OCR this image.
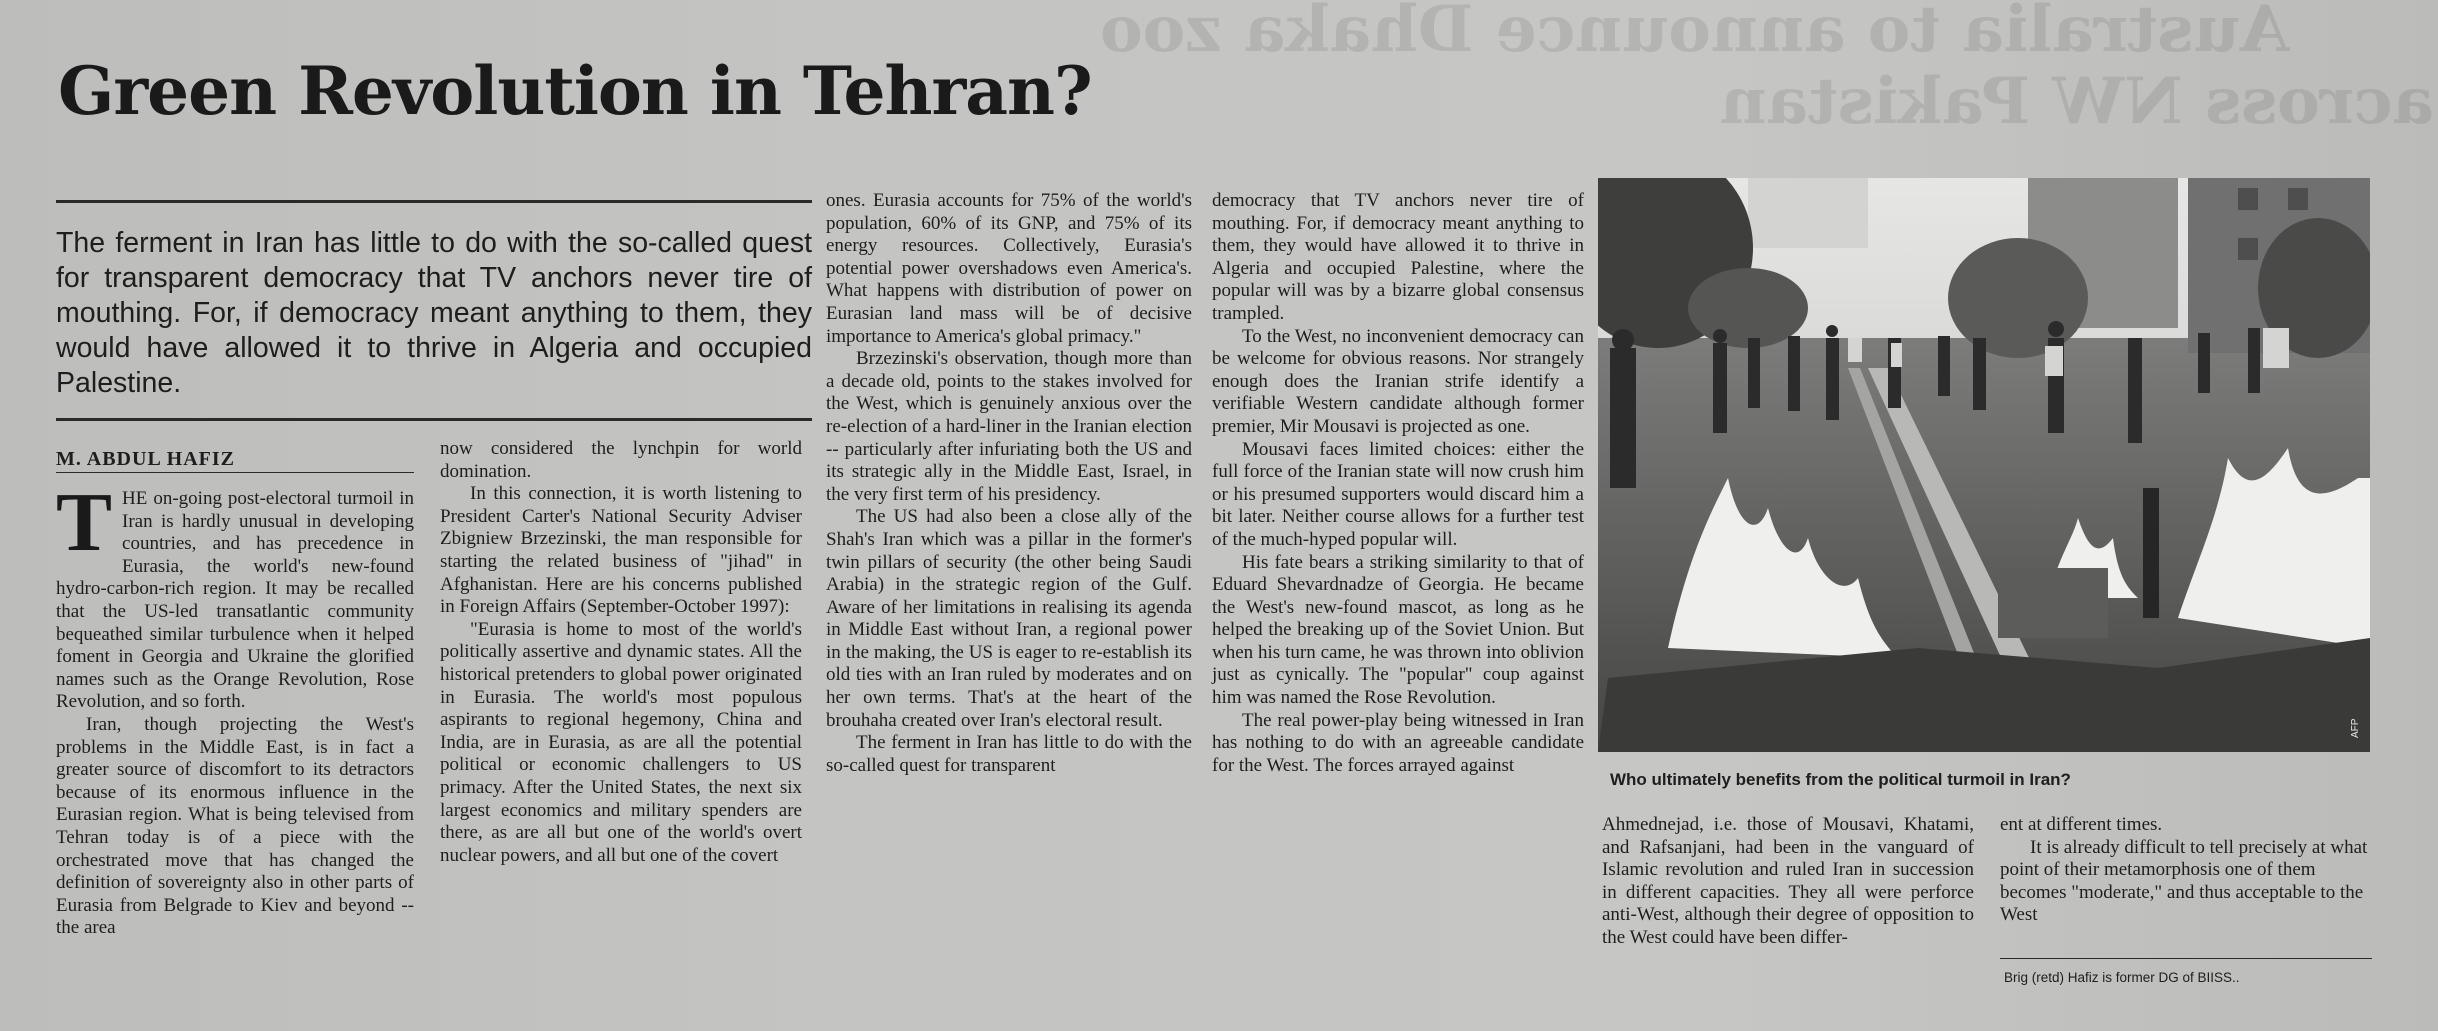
Australia to announce Dhaka zoo
across NW Pakistan
Green Revolution in Tehran?
The ferment in Iran has little to do with the so-called quest for transparent democracy that TV anchors never tire of mouthing. For, if democracy meant anything to them, they would have allowed it to thrive in Algeria and occupied Palestine.
M. ABDUL HAFIZ

THE on-going post-electoral turmoil in Iran is hardly unusual in developing countries, and has precedence in Eurasia, the world's new-found hydro-carbon-rich region. It may be recalled that the US-led transatlantic community bequeathed similar turbulence when it helped foment in Georgia and Ukraine the glorified names such as the Orange Revolution, Rose Revolution, and so forth.

Iran, though projecting the West's problems in the Middle East, is in fact a greater source of discomfort to its detractors because of its enormous influence in the Eurasian region. What is being televised from Tehran today is of a piece with the orchestrated move that has changed the definition of sovereignty also in other parts of Eurasia from Belgrade to Kiev and beyond -- the area

now considered the lynchpin for world domination.

In this connection, it is worth listening to President Carter's National Security Adviser Zbigniew Brzezinski, the man responsible for starting the related business of "jihad" in Afghanistan. Here are his concerns published in Foreign Affairs (September-October 1997):

"Eurasia is home to most of the world's politically assertive and dynamic states. All the historical pretenders to global power originated in Eurasia. The world's most populous aspirants to regional hegemony, China and India, are in Eurasia, as are all the potential political or economic challengers to US primacy. After the United States, the next six largest economics and military spenders are there, as are all but one of the world's overt nuclear powers, and all but one of the covert

ones. Eurasia accounts for 75% of the world's population, 60% of its GNP, and 75% of its energy resources. Collectively, Eurasia's potential power overshadows even America's. What happens with distribution of power on Eurasian land mass will be of decisive importance to America's global primacy."

Brzezinski's observation, though more than a decade old, points to the stakes involved for the West, which is genuinely anxious over the re-election of a hard-liner in the Iranian election -- particularly after infuriating both the US and its strategic ally in the Middle East, Israel, in the very first term of his presidency.

The US had also been a close ally of the Shah's Iran which was a pillar in the former's twin pillars of security (the other being Saudi Arabia) in the strategic region of the Gulf. Aware of her limitations in realising its agenda in Middle East without Iran, a regional power in the making, the US is eager to re-establish its old ties with an Iran ruled by moderates and on her own terms. That's at the heart of the brouhaha created over Iran's electoral result.

The ferment in Iran has little to do with the so-called quest for transparent

democracy that TV anchors never tire of mouthing. For, if democracy meant anything to them, they would have allowed it to thrive in Algeria and occupied Palestine, where the popular will was by a bizarre global consensus trampled.

To the West, no inconvenient democracy can be welcome for obvious reasons. Nor strangely enough does the Iranian strife identify a verifiable Western candidate although former premier, Mir Mousavi is projected as one.

Mousavi faces limited choices: either the full force of the Iranian state will now crush him or his presumed supporters would discard him a bit later. Neither course allows for a further test of the much-hyped popular will.

His fate bears a striking similarity to that of Eduard Shevardnadze of Georgia. He became the West's new-found mascot, as long as he helped the breaking up of the Soviet Union. But when his turn came, he was thrown into oblivion just as cynically. The "popular" coup against him was named the Rose Revolution.

The real power-play being witnessed in Iran has nothing to do with an agreeable candidate for the West. The forces arrayed against

AFP
Who ultimately benefits from the political turmoil in Iran?

Ahmednejad, i.e. those of Mousavi, Khatami, and Rafsanjani, had been in the vanguard of Islamic revolution and ruled Iran in succession in different capacities. They all were perforce anti-West, although their degree of opposition to the West could have been differ-

ent at different times.

It is already difficult to tell precisely at what point of their metamorphosis one of them becomes "moderate," and thus acceptable to the West

Brig (retd) Hafiz is former DG of BIISS..
